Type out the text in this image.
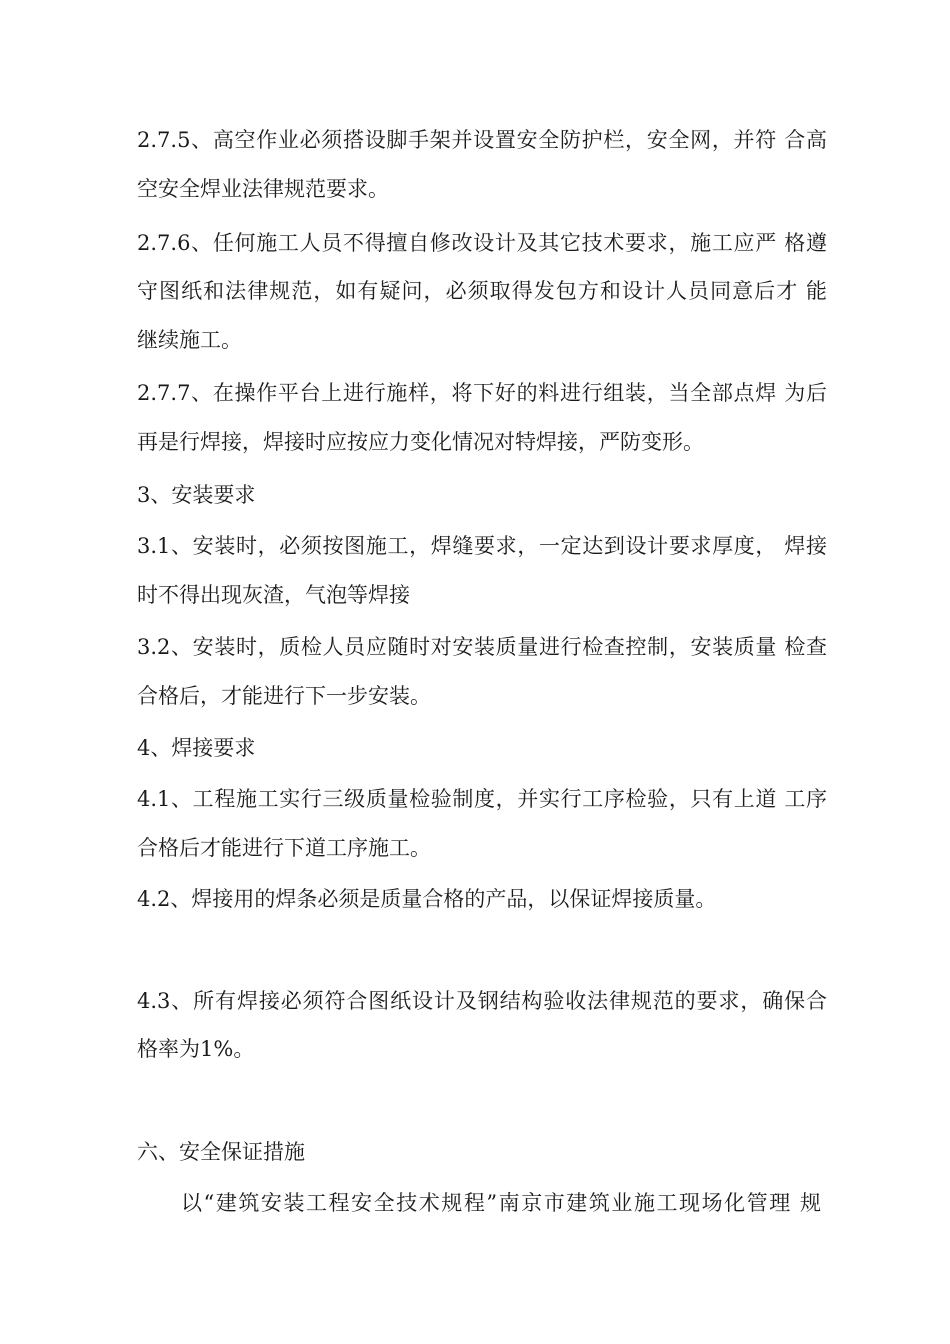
2.7.5、高空作业必须搭设脚手架并设置安全防护栏，安全网，并符 合高
空安全焊业法律规范要求。
2.7.6、任何施工人员不得擅自修改设计及其它技术要求，施工应严 格遵
守图纸和法律规范，如有疑问，必须取得发包方和设计人员同意后才 能
继续施工。
2.7.7、在操作平台上进行施样，将下好的料进行组装，当全部点焊 为后
再是行焊接，焊接时应按应力变化情况对特焊接，严防变形。
3、安装要求
3.1、安装时，必须按图施工，焊缝要求，一定达到设计要求厚度， 焊接
时不得出现灰渣，气泡等焊接
3.2、安装时，质检人员应随时对安装质量进行检查控制，安装质量 检查
合格后，才能进行下一步安装。
4、焊接要求
4.1、工程施工实行三级质量检验制度，并实行工序检验，只有上道 工序
合格后才能进行下道工序施工。
4.2、焊接用的焊条必须是质量合格的产品，以保证焊接质量。
4.3、所有焊接必须符合图纸设计及钢结构验收法律规范的要求，确保合
格率为1%。
六、安全保证措施
以“建筑安装工程安全技术规程”南京市建筑业施工现场化管理 规
